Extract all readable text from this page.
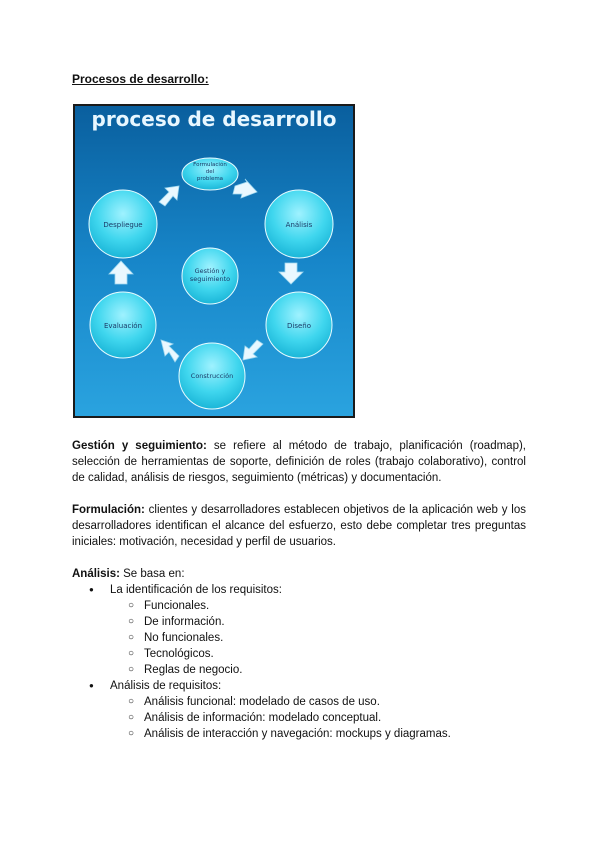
Procesos de desarrollo:
proceso de desarrollo
Formulación del problema
Análisis
Diseño
Construcción
Evaluación
Despliegue
Gestión y seguimiento
Gestión y seguimiento: se refiere al método de trabajo, planificación (roadmap), selección de herramientas de soporte, definición de roles (trabajo colaborativo), control de calidad, análisis de riesgos, seguimiento (métricas) y documentación.
Formulación: clientes y desarrolladores establecen objetivos de la aplicación web y los desarrolladores identifican el alcance del esfuerzo, esto debe completar tres preguntas iniciales: motivación, necesidad y perfil de usuarios.
Análisis: Se basa en:
● La identificación de los requisitos:
○ Funcionales.
○ De información.
○ No funcionales.
○ Tecnológicos.
○ Reglas de negocio.
● Análisis de requisitos:
○ Análisis funcional: modelado de casos de uso.
○ Análisis de información: modelado conceptual.
○ Análisis de interacción y navegación: mockups y diagramas.
